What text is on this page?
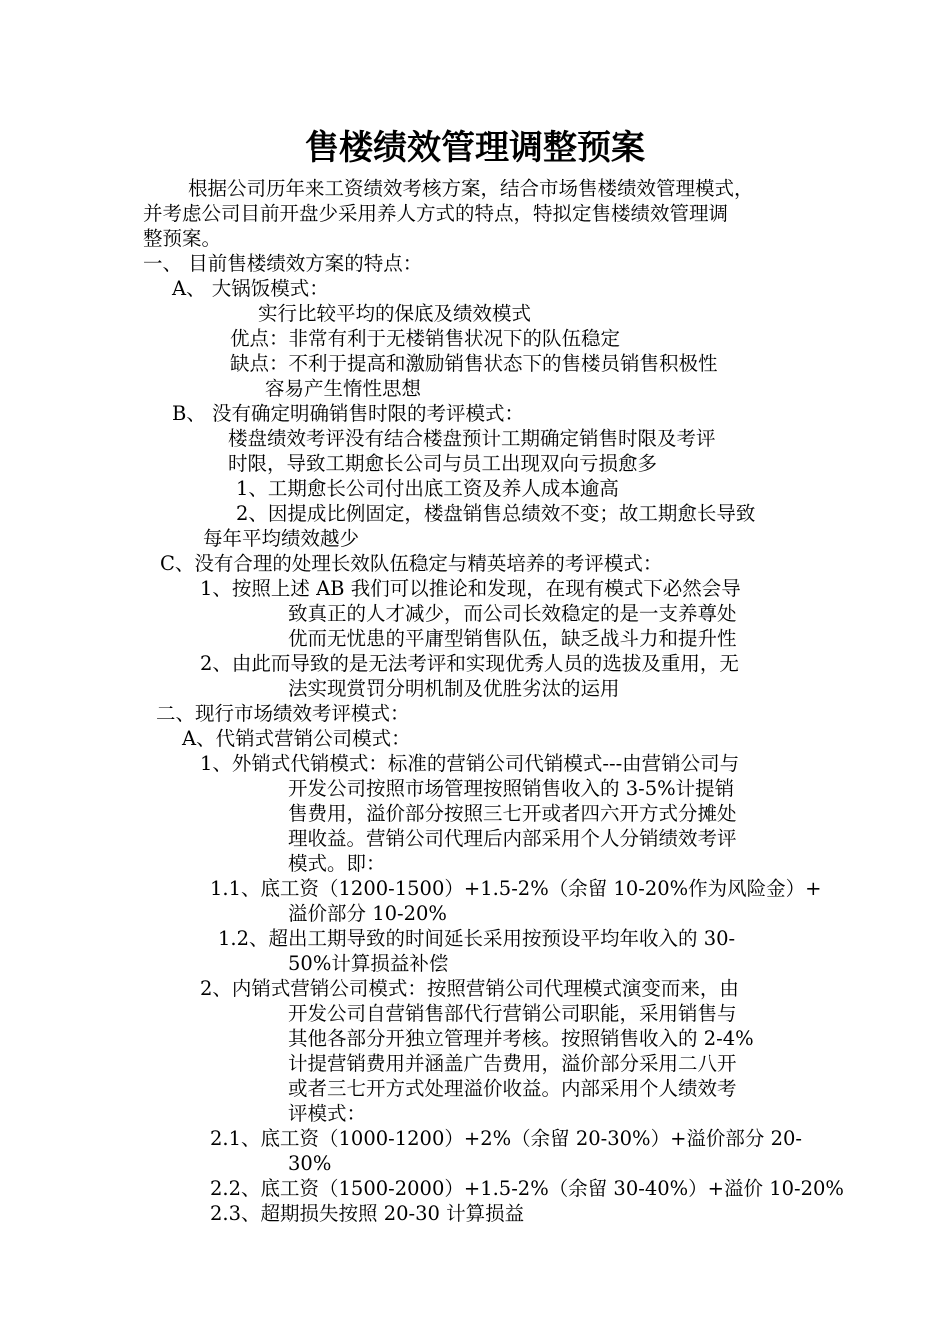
售楼绩效管理调整预案
根据公司历年来工资绩效考核方案，结合市场售楼绩效管理模式，
并考虑公司目前开盘少采用养人方式的特点，特拟定售楼绩效管理调
整预案。
一、 目前售楼绩效方案的特点：
A、 大锅饭模式：
实行比较平均的保底及绩效模式
优点：非常有利于无楼销售状况下的队伍稳定
缺点：不利于提高和激励销售状态下的售楼员销售积极性
容易产生惰性思想
B、 没有确定明确销售时限的考评模式：
楼盘绩效考评没有结合楼盘预计工期确定销售时限及考评
时限，导致工期愈长公司与员工出现双向亏损愈多
1、工期愈长公司付出底工资及养人成本逾高
2、因提成比例固定，楼盘销售总绩效不变；故工期愈长导致
每年平均绩效越少
C、没有合理的处理长效队伍稳定与精英培养的考评模式：
1、按照上述 AB 我们可以推论和发现，在现有模式下必然会导
致真正的人才减少，而公司长效稳定的是一支养尊处
优而无忧患的平庸型销售队伍，缺乏战斗力和提升性
2、由此而导致的是无法考评和实现优秀人员的选拔及重用，无
法实现赏罚分明机制及优胜劣汰的运用
二、现行市场绩效考评模式：
A、代销式营销公司模式：
1、外销式代销模式：标准的营销公司代销模式---由营销公司与
开发公司按照市场管理按照销售收入的 3-5%计提销
售费用，溢价部分按照三七开或者四六开方式分摊处
理收益。营销公司代理后内部采用个人分销绩效考评
模式。即：
1.1、底工资（1200-1500）+1.5-2%（余留 10-20%作为风险金）+
溢价部分 10-20%
1.2、超出工期导致的时间延长采用按预设平均年收入的 30-
50%计算损益补偿
2、内销式营销公司模式：按照营销公司代理模式演变而来，由
开发公司自营销售部代行营销公司职能，采用销售与
其他各部分开独立管理并考核。按照销售收入的 2-4%
计提营销费用并涵盖广告费用，溢价部分采用二八开
或者三七开方式处理溢价收益。内部采用个人绩效考
评模式：
2.1、底工资（1000-1200）+2%（余留 20-30%）+溢价部分 20-
30%
2.2、底工资（1500-2000）+1.5-2%（余留 30-40%）+溢价 10-20%
2.3、超期损失按照 20-30 计算损益
